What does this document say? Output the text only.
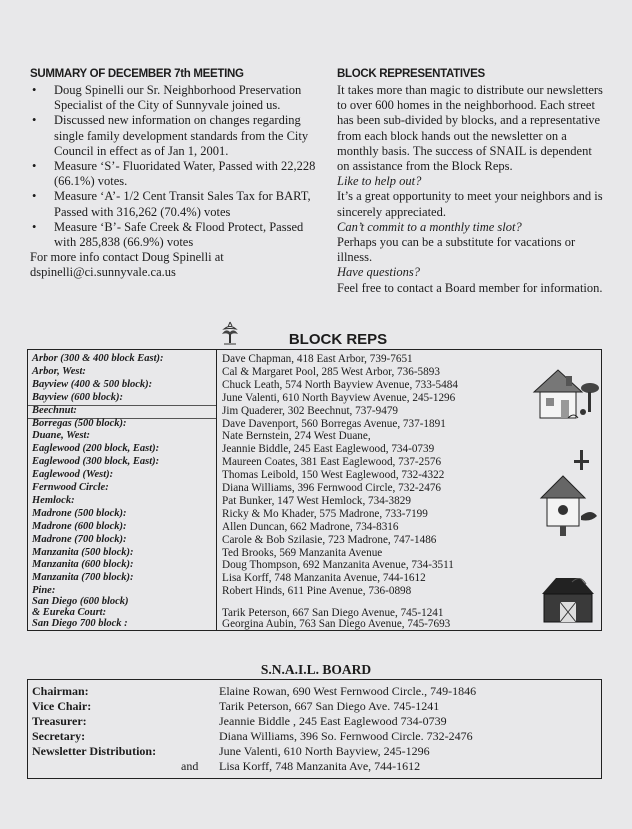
SUMMARY OF DECEMBER 7th MEETING
• Doug Spinelli our Sr. Neighborhood Preservation Specialist of the City of Sunnyvale joined us.
• Discussed new information on changes regarding single family development standards from the City Council in effect as of Jan 1, 2001.
• Measure ‘S’- Fluoridated Water, Passed with 22,228 (66.1%) votes.
• Measure ‘A’- 1/2 Cent Transit Sales Tax for BART, Passed with 316,262 (70.4%) votes
• Measure ‘B’- Safe Creek & Flood Protect, Passed with 285,838 (66.9%) votes

For more info contact Doug Spinelli at dspinelli@ci.sunnyvale.ca.us

BLOCK REPRESENTATIVES

It takes more than magic to distribute our newsletters to over 600 homes in the neighborhood. Each street has been sub-divided by blocks, and a representative from each block hands out the newsletter on a monthly basis. The success of SNAIL is dependent on assistance from the Block Reps.

Like to help out?

It’s a great opportunity to meet your neighbors and is sincerely appreciated.

Can’t commit to a monthly time slot?

Perhaps you can be a substitute for vacations or illness.

Have questions?

Feel free to contact a Board member for information.

BLOCK REPS
Arbor (300 & 400 block East):	Dave Chapman, 418 East Arbor, 739-7651
Arbor, West:	Cal & Margaret Pool, 285 West Arbor, 736-5893
Bayview (400 & 500 block):	Chuck Leath, 574 North Bayview Avenue, 733-5484
Bayview (600 block):	June Valenti, 610 North Bayview Avenue, 245-1296
Beechnut:	Jim Quaderer, 302 Beechnut, 737-9479
Borregas (500 block):	Dave Davenport, 560 Borregas Avenue, 737-1891
Duane, West:	Nate Bernstein, 274 West Duane,
Eaglewood (200 block, East):	Jeannie Biddle, 245 East Eaglewood, 734-0739
Eaglewood (300 block, East):	Maureen Coates, 381 East Eaglewood, 737-2576
Eaglewood (West):	Thomas Leibold, 150 West Eaglewood, 732-4322
Fernwood Circle:	Diana Williams, 396 Fernwood Circle, 732-2476
Hemlock:	Pat Bunker, 147 West Hemlock, 734-3829
Madrone (500 block):	Ricky & Mo Khader, 575 Madrone, 733-7199
Madrone (600 block):	Allen Duncan, 662 Madrone, 734-8316
Madrone (700 block):	Carole & Bob Szilasie, 723 Madrone, 747-1486
Manzanita (500 block):	Ted Brooks, 569 Manzanita Avenue
Manzanita (600 block):	Doug Thompson, 692 Manzanita Avenue, 734-3511
Manzanita (700 block):	Lisa Korff, 748 Manzanita Avenue, 744-1612
Pine:	Robert Hinds, 611 Pine Avenue, 736-0898
San Diego (600 block)
& Eureka Court:	Tarik Peterson, 667 San Diego Avenue, 745-1241
San Diego 700 block :	Georgina Aubin, 763 San Diego Avenue, 745-7693
S.N.A.I.L. BOARD
Chairman:	Elaine Rowan, 690 West Fernwood Circle., 749-1846
Vice Chair:	Tarik Peterson, 667 San Diego Ave. 745-1241
Treasurer:	Jeannie Biddle , 245 East Eaglewood 734-0739
Secretary:	Diana Williams, 396 So. Fernwood Circle. 732-2476
Newsletter Distribution:	June Valenti, 610 North Bayview, 245-1296
and Lisa Korff, 748 Manzanita Ave, 744-1612
